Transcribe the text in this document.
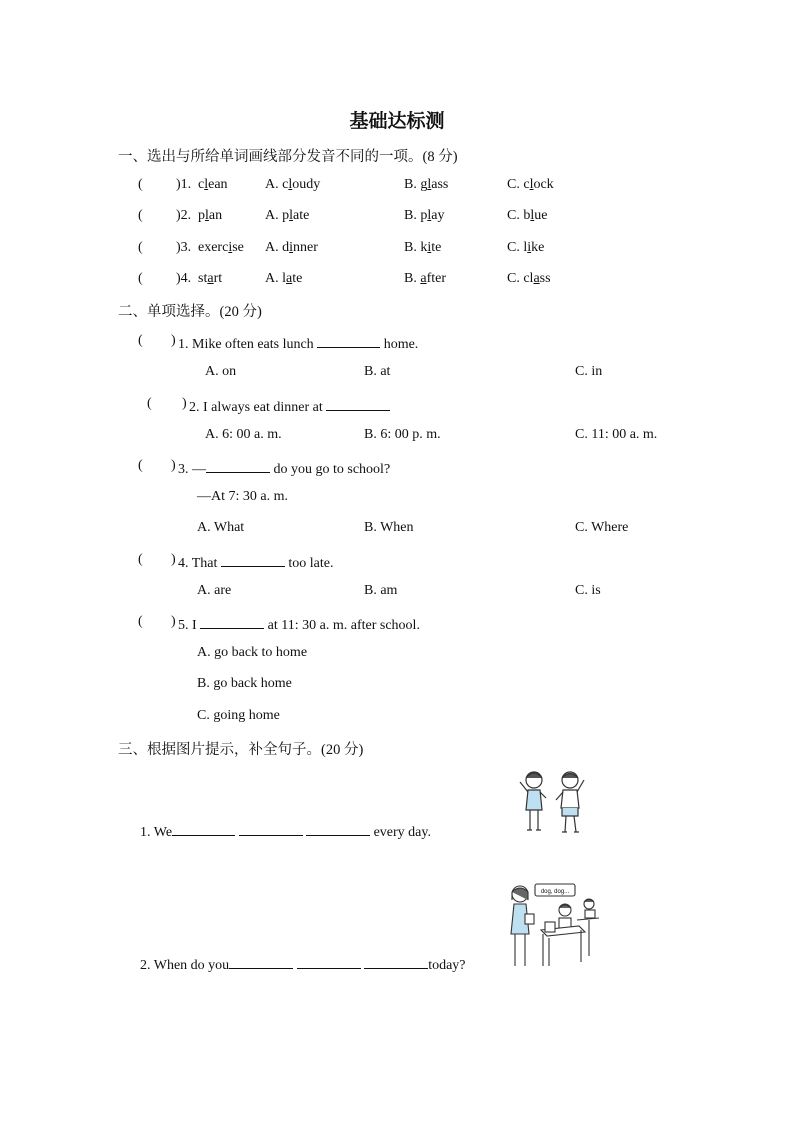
基础达标测
一、选出与所给单词画线部分发音不同的一项。(8 分)
( )1. clean	A. cloudy	B. glass	C. clock
( )2. plan	A. plate	B. play	C. blue
( )3. exercise A. dinner	B. kite	C. like
( )4. start	A. late	B. after	C. class
二、单项选择。(20 分)
( ) 1. Mike often eats lunch	home.
A. on	B. at	C. in
( ) 2. I always eat dinner at
A. 6: 00 a. m.	B. 6: 00 p. m.	C. 11: 00 a. m.
( ) 3. —	do you go to school?
—At 7: 30 a. m.
A. What	B. When	C. Where
( ) 4. That	too late.
A. are	B. am	C. is
( ) 5. I	at 11: 30 a. m. after school.
A. go back to home
B. go back home
C. going home
三、根据图片提示，补全句子。(20 分)
1. We	every day.
dog, dog...
2. When do you	today?
